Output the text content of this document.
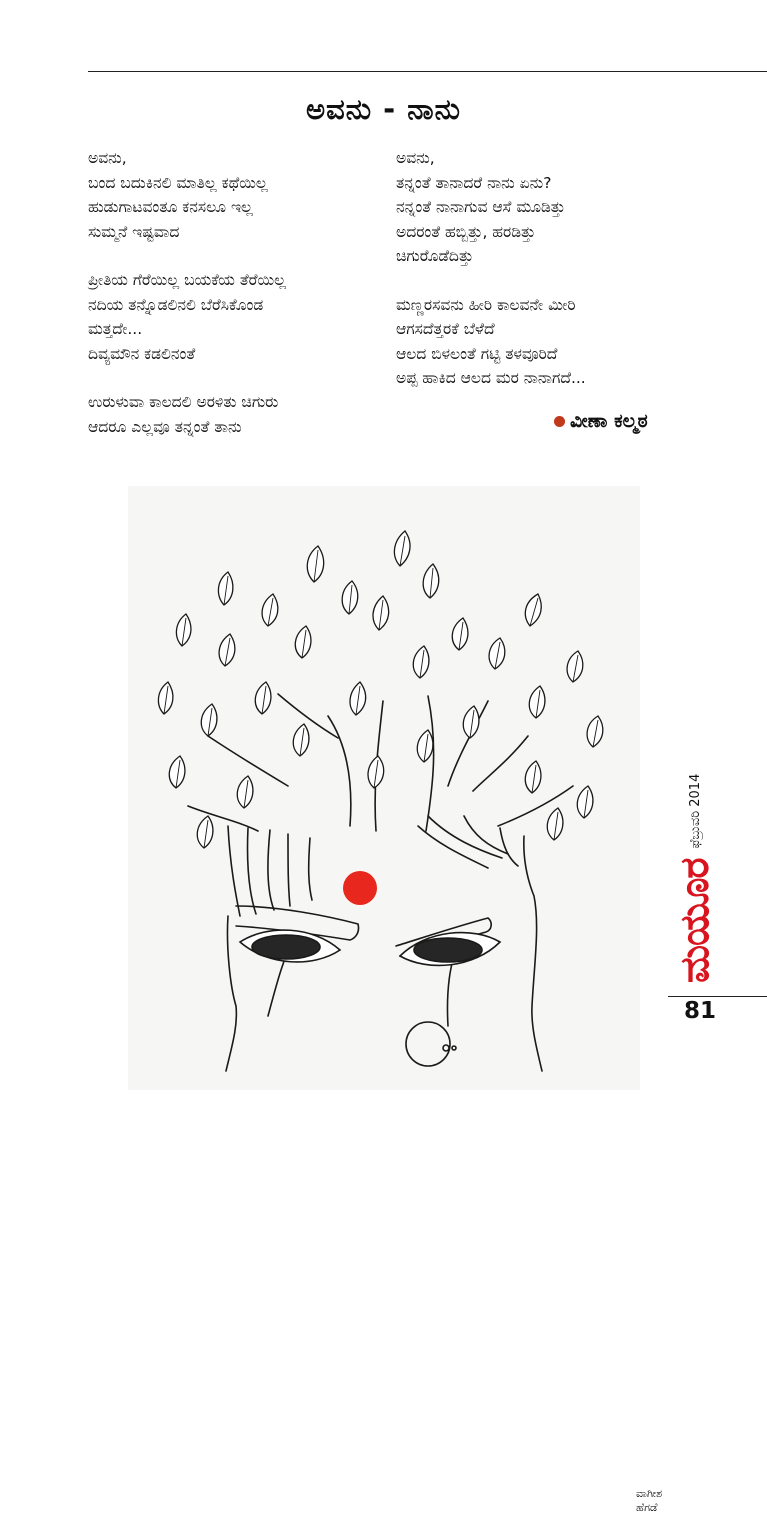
ಅವನು - ನಾನು
ಅವನು,
ಬಂದ ಬದುಕಿನಲಿ ಮಾತಿಲ್ಲ ಕಥೆಯಿಲ್ಲ
ಹುಡುಗಾಟವಂತೂ ಕನಸಲೂ ಇಲ್ಲ
ಸುಮ್ಮನೆ ಇಷ್ಟವಾದ
ಪ್ರೀತಿಯ ಗೆರೆಯಿಲ್ಲ ಬಯಕೆಯ ತೆರೆಯಿಲ್ಲ
ನದಿಯ ತನ್ನೊಡಲಿನಲಿ ಬೆರೆಸಿಕೊಂಡ
ಮತ್ತದೇ...
ದಿವ್ಯಮೌನ ಕಡಲಿನಂತೆ
ಉರುಳುವಾ ಕಾಲದಲಿ ಅರಳಿತು ಚಿಗುರು
ಆದರೂ ಎಲ್ಲವೂ ತನ್ನಂತೆ ತಾನು
ಅವನು,
ತನ್ನಂತೆ ತಾನಾದರೆ ನಾನು ಏನು?
ನನ್ನಂತೆ ನಾನಾಗುವ ಆಸೆ ಮೂಡಿತ್ತು
ಅದರಂತೆ ಹಬ್ಬಿತ್ತು, ಹರಡಿತ್ತು
ಚಿಗುರೊಡೆದಿತ್ತು
ಮಣ್ಣರಸವನು ಹೀರಿ ಕಾಲವನೇ ಮೀರಿ
ಆಗಸದೆತ್ತರಕೆ ಬೆಳೆದೆ
ಆಲದ ಬಿಳಲಂತೆ ಗಟ್ಟಿ ತಳವೂರಿದೆ
ಅಪ್ಪ ಹಾಕಿದ ಆಲದ ಮರ ನಾನಾಗದೆ...
ವೀಣಾ ಕಲ್ಮಠ
ವಾಗೀಶ ಹೆಗಡೆ
81
ಮಯೂರ
ಫೆಬ್ರುವರಿ 2014
